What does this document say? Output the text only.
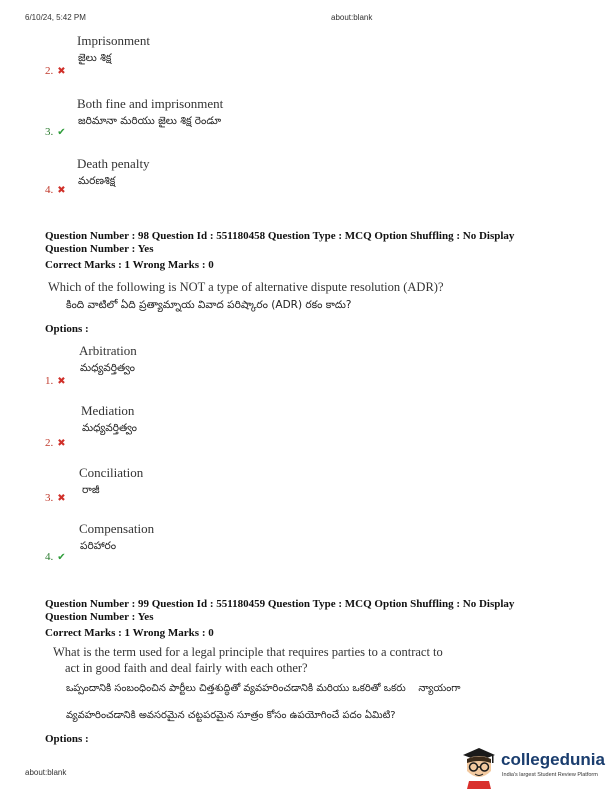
6/10/24, 5:42 PM	about:blank
Imprisonment
జైలు శిక్ష
2. ✖
Both fine and imprisonment
జరిమానా మరియు జైలు శిక్ష రెండూ
3. ✔
Death penalty
మరణశిక్ష
4. ✖
Question Number : 98 Question Id : 551180458 Question Type : MCQ Option Shuffling : No Display
Question Number : Yes
Correct Marks : 1 Wrong Marks : 0
Which of the following is NOT a type of alternative dispute resolution (ADR)?
కింది వాటిలో ఏది ప్రత్యామ్నాయ వివాద పరిష్కారం (ADR) రకం కాదు?
Options :
Arbitration
మధ్యవర్తిత్వం
1. ✖
Mediation
మధ్యవర్తిత్వం
2. ✖
Conciliation
రాజీ
3. ✖
Compensation
పరిహారం
4. ✔
Question Number : 99 Question Id : 551180459 Question Type : MCQ Option Shuffling : No Display
Question Number : Yes
Correct Marks : 1 Wrong Marks : 0
What is the term used for a legal principle that requires parties to a contract to
act in good faith and deal fairly with each other?
ఒప్పందానికి సంబంధించిన పార్టీలు చిత్తశుద్ధితో వ్యవహరించడానికి మరియు ఒకరితో ఒకరు    న్యాయంగా
వ్యవహరించడానికి అవసరమైన చట్టపరమైన సూత్రం కోసం ఉపయోగించే పదం ఏమిటి?
Options :
about:blank
collegedunia
India's largest Student Review Platform
